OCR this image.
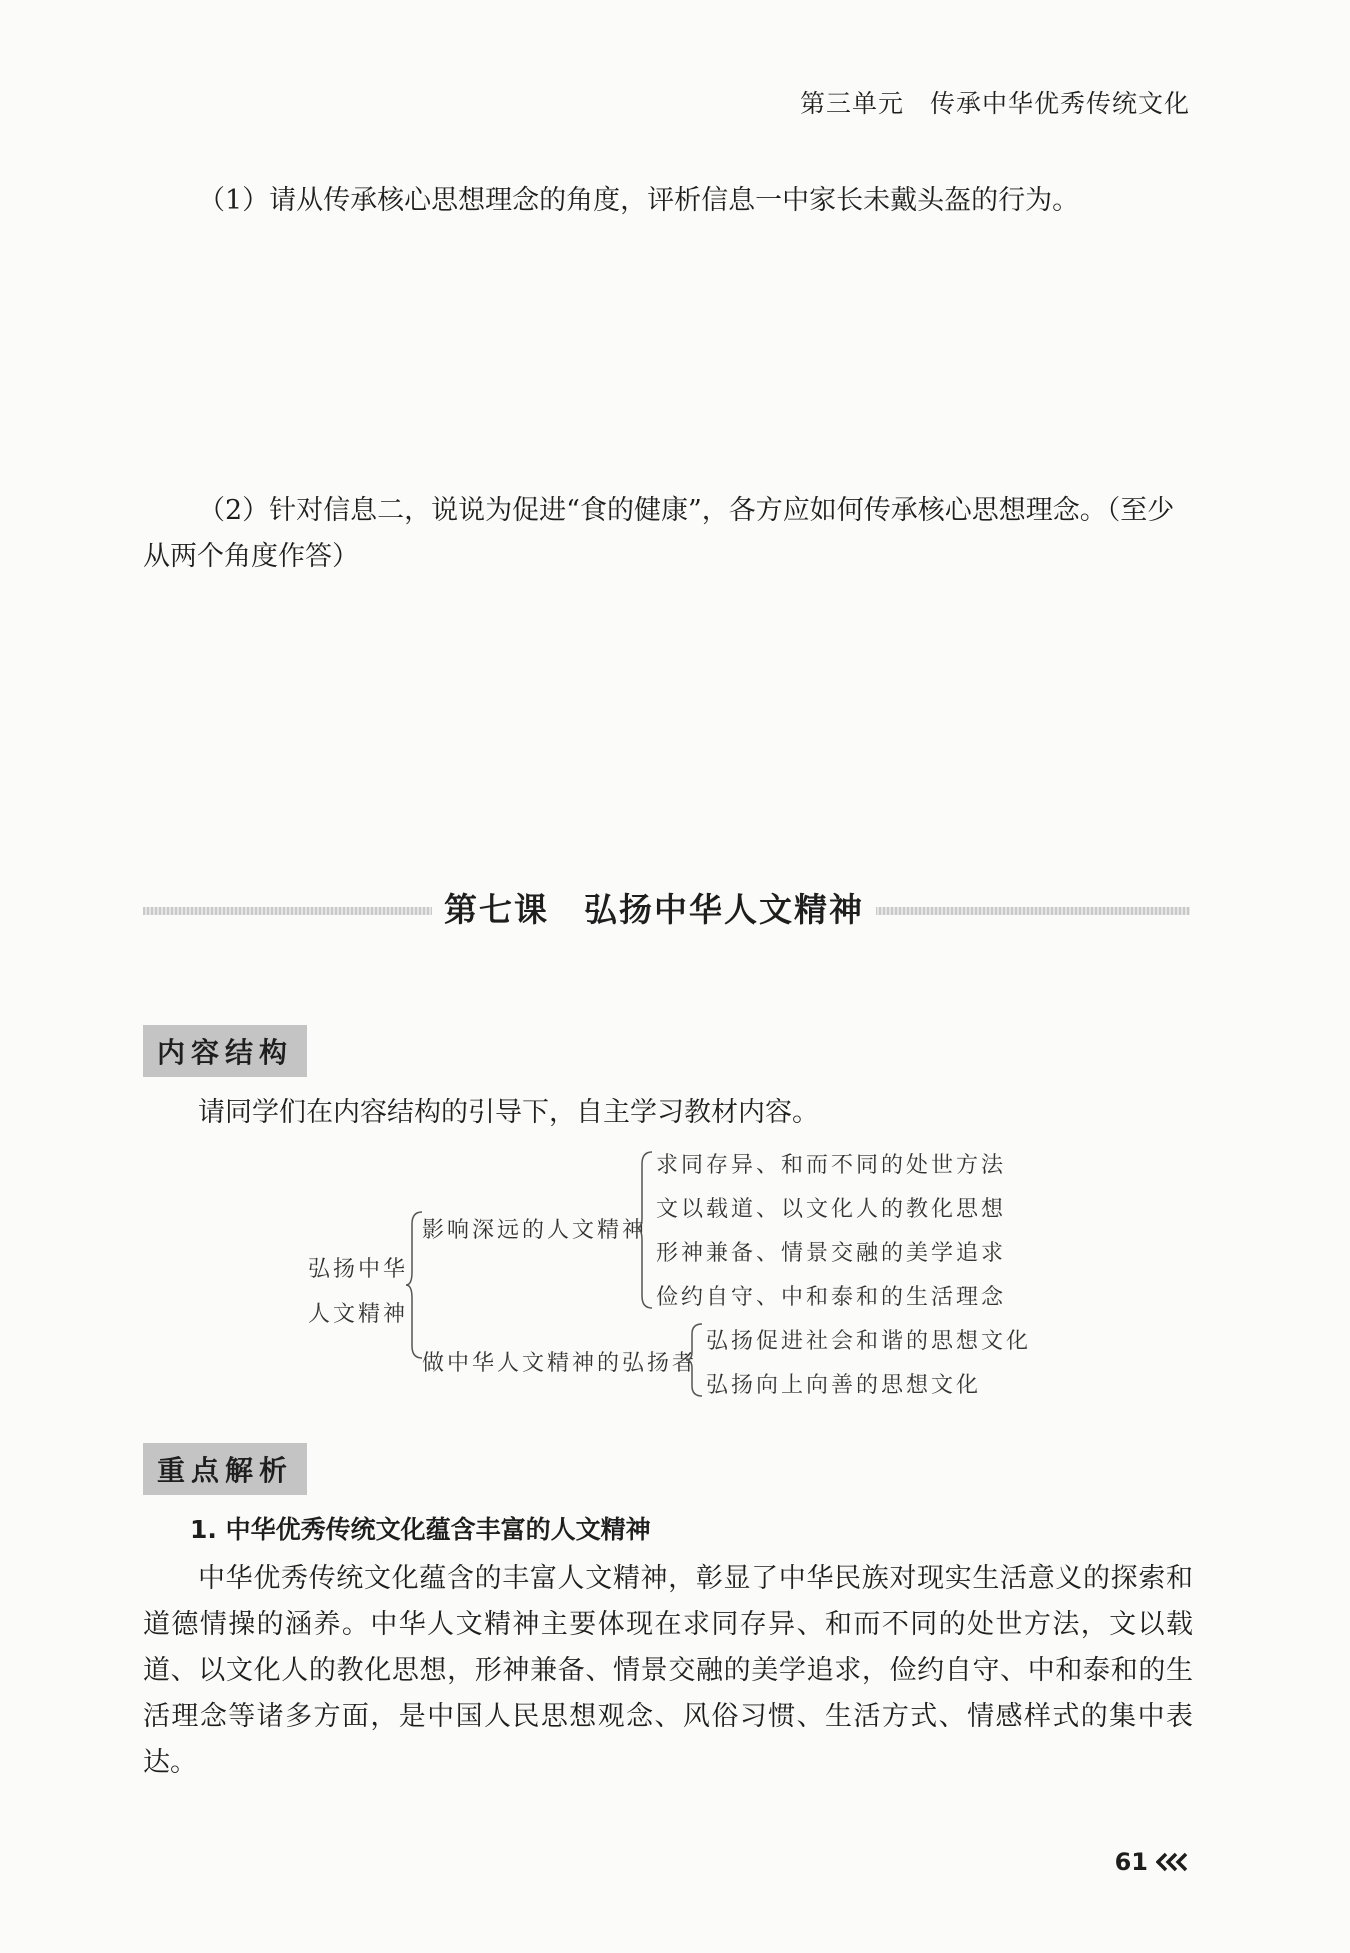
第三单元　传承中华优秀传统文化
（1）请从传承核心思想理念的角度，评析信息一中家长未戴头盔的行为。
（2）针对信息二，说说为促进“食的健康”，各方应如何传承核心思想理念。（至少从两个角度作答）
第七课　弘扬中华人文精神
内容结构
请同学们在内容结构的引导下，自主学习教材内容。
弘扬中华
人文精神
影响深远的人文精神
求同存异、和而不同的处世方法
文以载道、以文化人的教化思想
形神兼备、情景交融的美学追求
俭约自守、中和泰和的生活理念
做中华人文精神的弘扬者
弘扬促进社会和谐的思想文化
弘扬向上向善的思想文化
重点解析
1. 中华优秀传统文化蕴含丰富的人文精神
中华优秀传统文化蕴含的丰富人文精神，彰显了中华民族对现实生活意义的探索和道德情操的涵养。中华人文精神主要体现在求同存异、和而不同的处世方法，文以载道、以文化人的教化思想，形神兼备、情景交融的美学追求，俭约自守、中和泰和的生活理念等诸多方面，是中国人民思想观念、风俗习惯、生活方式、情感样式的集中表达。
61
